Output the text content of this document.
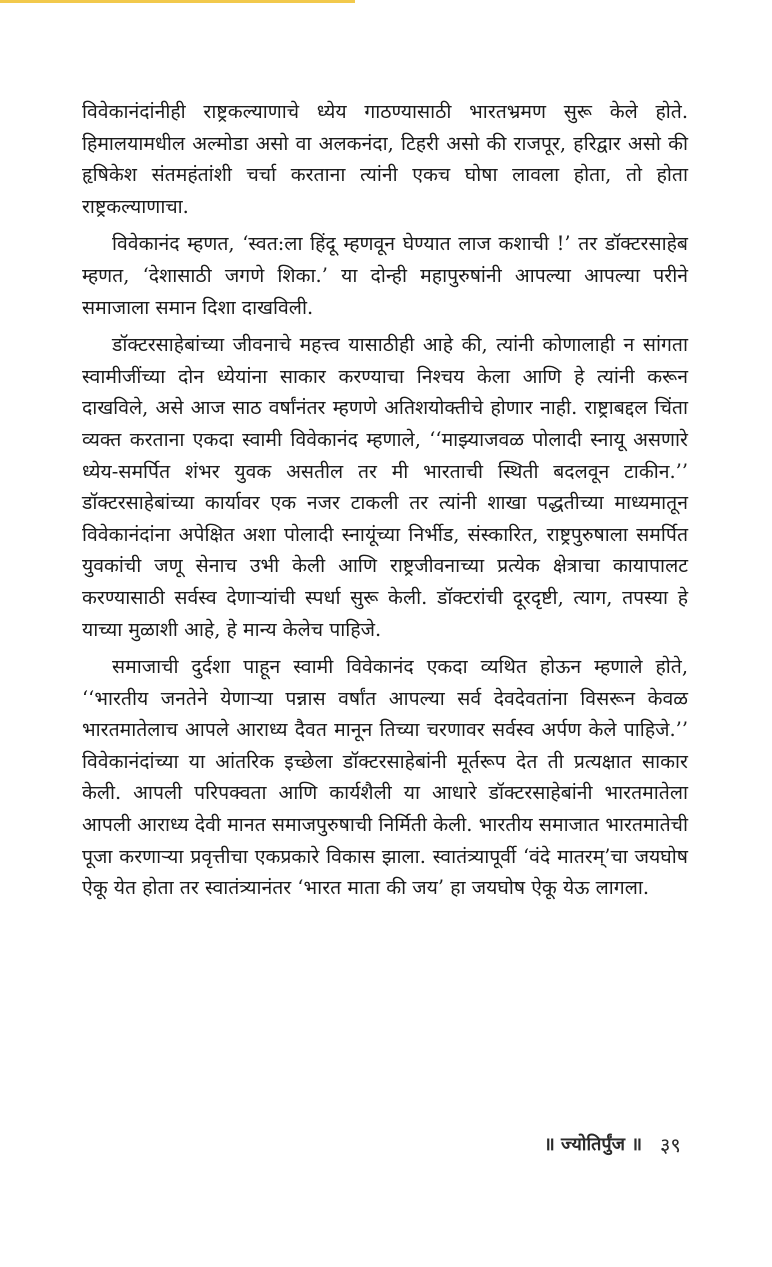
विवेकानंदांनीही राष्ट्रकल्याणाचे ध्येय गाठण्यासाठी भारतभ्रमण सुरू केले होते. हिमालयामधील अल्मोडा असो वा अलकनंदा, टिहरी असो की राजपूर, हरिद्वार असो की हृषिकेश संतमहंतांशी चर्चा करताना त्यांनी एकच घोषा लावला होता, तो होता राष्ट्रकल्याणाचा.

विवेकानंद म्हणत, ‘स्वत:ला हिंदू म्हणवून घेण्यात लाज कशाची !’ तर डॉक्टरसाहेब म्हणत, ‘देशासाठी जगणे शिका.’ या दोन्ही महापुरुषांनी आपल्या आपल्या परीने समाजाला समान दिशा दाखविली.

डॉक्टरसाहेबांच्या जीवनाचे महत्त्व यासाठीही आहे की, त्यांनी कोणालाही न सांगता स्वामीजींच्या दोन ध्येयांना साकार करण्याचा निश्चय केला आणि हे त्यांनी करून दाखविले, असे आज साठ वर्षांनंतर म्हणणे अतिशयोक्तीचे होणार नाही. राष्ट्राबद्दल चिंता व्यक्त करताना एकदा स्वामी विवेकानंद म्हणाले, ‘‘माझ्याजवळ पोलादी स्नायू असणारे ध्येय-समर्पित शंभर युवक असतील तर मी भारताची स्थिती बदलवून टाकीन.’’ डॉक्टरसाहेबांच्या कार्यावर एक नजर टाकली तर त्यांनी शाखा पद्धतीच्या माध्यमातून विवेकानंदांना अपेक्षित अशा पोलादी स्नायूंच्या निर्भीड, संस्कारित, राष्ट्रपुरुषाला समर्पित युवकांची जणू सेनाच उभी केली आणि राष्ट्रजीवनाच्या प्रत्येक क्षेत्राचा कायापालट करण्यासाठी सर्वस्व देणाऱ्यांची स्पर्धा सुरू केली. डॉक्टरांची दूरदृष्टी, त्याग, तपस्या हे याच्या मुळाशी आहे, हे मान्य केलेच पाहिजे.

समाजाची दुर्दशा पाहून स्वामी विवेकानंद एकदा व्यथित होऊन म्हणाले होते, ‘‘भारतीय जनतेने येणाऱ्या पन्नास वर्षांत आपल्या सर्व देवदेवतांना विसरून केवळ भारतमातेलाच आपले आराध्य दैवत मानून तिच्या चरणावर सर्वस्व अर्पण केले पाहिजे.’’ विवेकानंदांच्या या आंतरिक इच्छेला डॉक्टरसाहेबांनी मूर्तरूप देत ती प्रत्यक्षात साकार केली. आपली परिपक्वता आणि कार्यशैली या आधारे डॉक्टरसाहेबांनी भारतमातेला आपली आराध्य देवी मानत समाजपुरुषाची निर्मिती केली. भारतीय समाजात भारतमातेची पूजा करणाऱ्या प्रवृत्तीचा एकप्रकारे विकास झाला. स्वातंत्र्यापूर्वी ‘वंदे मातरम्’चा जयघोष ऐकू येत होता तर स्वातंत्र्यानंतर ‘भारत माता की जय’ हा जयघोष ऐकू येऊ लागला.

॥ ज्योतिर्पुंज ॥ ३९
